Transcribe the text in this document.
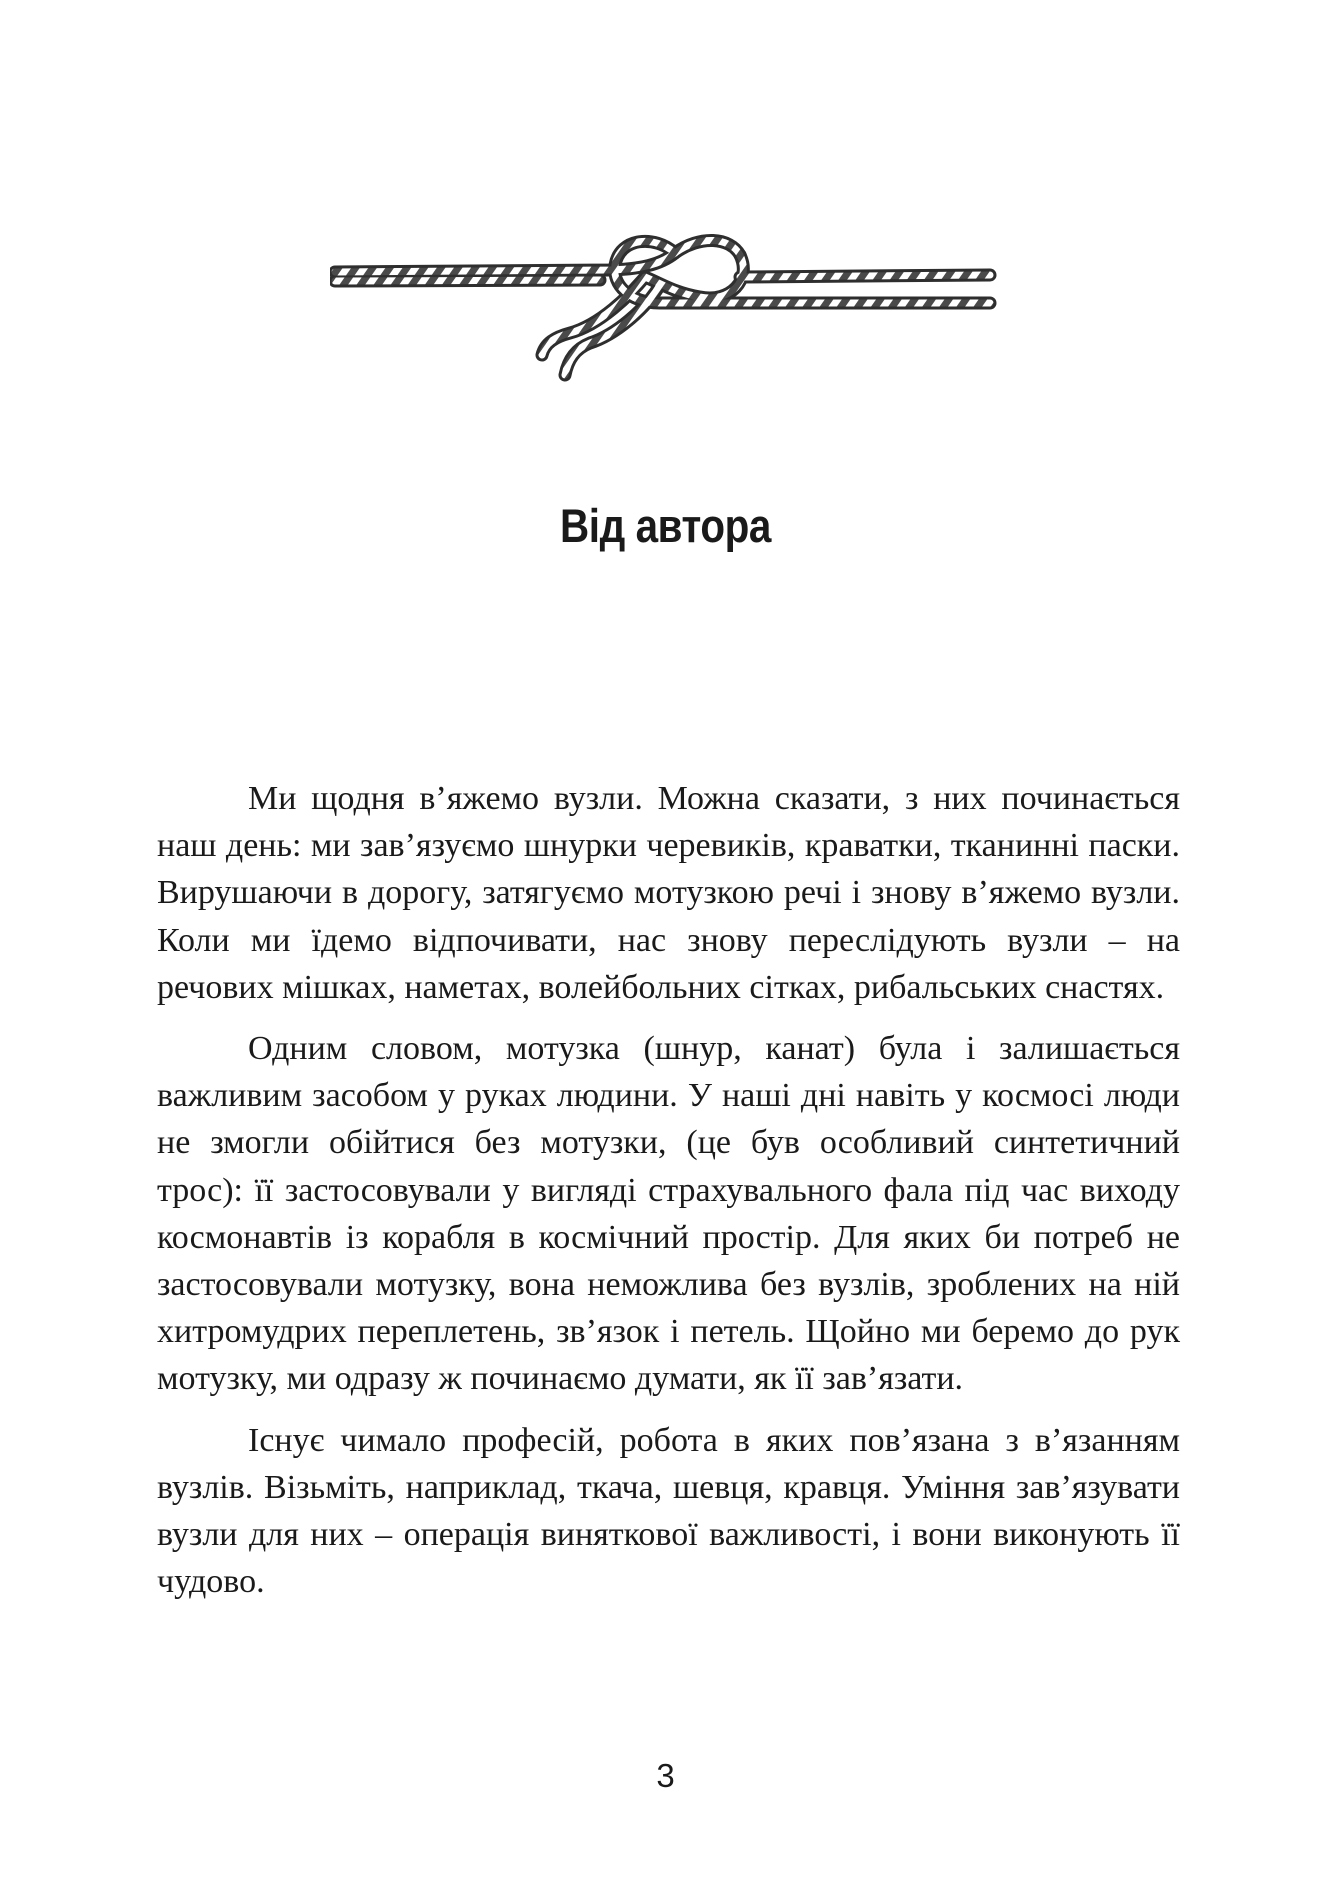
Від автора

Ми щодня в’яжемо вузли. Можна сказати, з них починається наш день: ми зав’язуємо шнурки черевиків, краватки, тканинні паски. Вирушаючи в дорогу, затягуємо мотузкою речі і знову в’яжемо вузли. Коли ми їдемо відпочивати, нас знову переслідують вузли – на речових мішках, наметах, волейбольних сітках, рибальських снастях.

Одним словом, мотузка (шнур, канат) була і залишається важливим засобом у руках людини. У наші дні навіть у космосі люди не змогли обійтися без мотузки, (це був особливий синтетичний трос): її застосовували у вигляді страхувального фала під час виходу космонавтів із корабля в космічний простір. Для яких би потреб не застосовували мотузку, вона неможлива без вузлів, зроблених на ній хитромудрих переплетень, зв’язок і петель. Щойно ми беремо до рук мотузку, ми одразу ж починаємо думати, як її зав’язати.

Існує чимало професій, робота в яких пов’язана з в’язанням вузлів. Візьміть, наприклад, ткача, шевця, кравця. Уміння зав’язувати вузли для них – операція виняткової важливості, і вони виконують її чудово.

3
